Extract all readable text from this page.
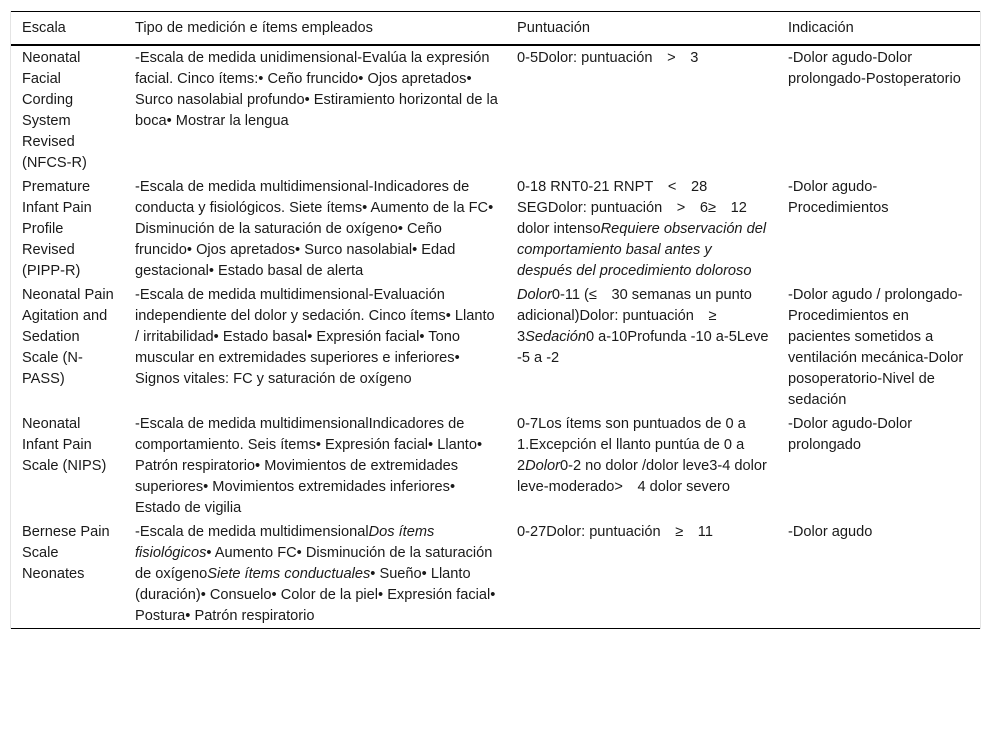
Escala	Tipo de medición e ítems empleados	Puntuación	Indicación
Neonatal Facial Cording System Revised (NFCS-R)	-Escala de medida unidimensional-Evalúa la expresión facial. Cinco ítems:• Ceño fruncido• Ojos apretados• Surco nasolabial profundo• Estiramiento horizontal de la boca• Mostrar la lengua	0-5Dolor: puntuación > 3	-Dolor agudo-Dolor prolongado-Postoperatorio
Premature Infant Pain Profile Revised (PIPP-R)	-Escala de medida multidimensional-Indicadores de conducta y fisiológicos. Siete ítems• Aumento de la FC• Disminución de la saturación de oxígeno• Ceño fruncido• Ojos apretados• Surco nasolabial• Edad gestacional• Estado basal de alerta	0-18 RNT0-21 RNPT < 28 SEGDolor: puntuación > 6≥ 12 dolor intensoRequiere observación del comportamiento basal antes y después del procedimiento doloroso	-Dolor agudo-Procedimientos
Neonatal Pain Agitation and Sedation Scale (N-PASS)	-Escala de medida multidimensional-Evaluación independiente del dolor y sedación. Cinco ítems• Llanto / irritabilidad• Estado basal• Expresión facial• Tono muscular en extremidades superiores e inferiores• Signos vitales: FC y saturación de oxígeno	Dolor0-11 (≤ 30 semanas un punto adicional)Dolor: puntuación ≥ 3Sedación0 a-10Profunda -10 a-5Leve -5 a -2	-Dolor agudo / prolongado-Procedimientos en pacientes sometidos a ventilación mecánica-Dolor posoperatorio-Nivel de sedación
Neonatal Infant Pain Scale (NIPS)	-Escala de medida multidimensionalIndicadores de comportamiento. Seis ítems• Expresión facial• Llanto• Patrón respiratorio• Movimientos de extremidades superiores• Movimientos extremidades inferiores• Estado de vigilia	0-7Los ítems son puntuados de 0 a 1.Excepción el llanto puntúa de 0 a 2Dolor0-2 no dolor /dolor leve3-4 dolor leve-moderado> 4 dolor severo	-Dolor agudo-Dolor prolongado
Bernese Pain Scale Neonates	-Escala de medida multidimensionalDos ítems fisiológicos• Aumento FC• Disminución de la saturación de oxígenoSiete ítems conductuales• Sueño• Llanto (duración)• Consuelo• Color de la piel• Expresión facial• Postura• Patrón respiratorio	0-27Dolor: puntuación ≥ 11	-Dolor agudo
